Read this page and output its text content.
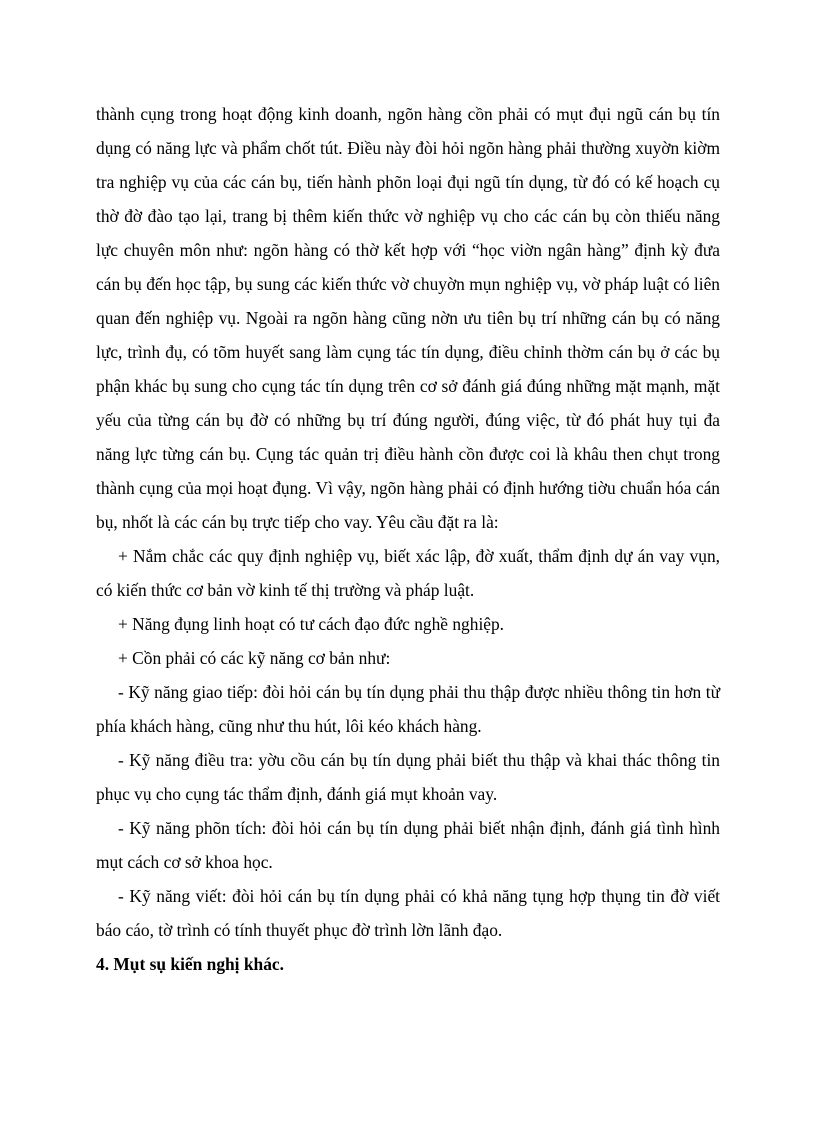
thành cụng trong hoạt động kinh doanh, ngõn hàng cồn phải có mụt đụi ngũ cán bụ tín dụng có năng lực và phẩm chốt tút. Điều này đòi hỏi ngõn hàng phải thường xuyờn kiờm tra nghiệp vụ của các cán bụ, tiến hành phõn loại đụi ngũ tín dụng, từ đó có kế hoạch cụ thờ đờ đào tạo lại, trang bị thêm kiến thức vờ nghiệp vụ cho các cán bụ còn thiếu năng lực chuyên môn như: ngõn hàng có thờ kết hợp với “học viờn ngân hàng” định kỳ đưa cán bụ đến học tập, bụ sung các kiến thức vờ chuyờn mụn nghiệp vụ, vờ pháp luật có liên quan đến nghiệp vụ. Ngoài ra ngõn hàng cũng nờn ưu tiên bụ trí những cán bụ có năng lực, trình đụ, có tõm huyết sang làm cụng tác tín dụng, điều chỉnh thờm cán bụ ở các bụ phận khác bụ sung cho cụng tác tín dụng trên cơ sở đánh giá đúng những mặt mạnh, mặt yếu của từng cán bụ đờ có những bụ trí đúng người, đúng việc, từ đó phát huy tụi đa năng lực từng cán bụ. Cụng tác quản trị điều hành cồn được coi là khâu then chụt trong thành cụng của mọi hoạt đụng. Vì vậy, ngõn hàng phải có định hướng tiờu chuẩn hóa cán bụ, nhốt là các cán bụ trực tiếp cho vay. Yêu cầu đặt ra là:

+ Nắm chắc các quy định nghiệp vụ, biết xác lập, đờ xuất, thẩm định dự án vay vụn, có kiến thức cơ bản vờ kinh tế thị trường và pháp luật.

+ Năng đụng linh hoạt có tư cách đạo đức nghề nghiệp.

+ Cồn phải có các kỹ năng cơ bản như:

- Kỹ năng giao tiếp: đòi hỏi cán bụ tín dụng phải thu thập được nhiều thông tin hơn từ phía khách hàng, cũng như thu hút, lôi kéo khách hàng.

- Kỹ năng điều tra: yờu cồu cán bụ tín dụng phải biết thu thập và khai thác thông tin phục vụ cho cụng tác thẩm định, đánh giá mụt khoản vay.

- Kỹ năng phõn tích: đòi hỏi cán bụ tín dụng phải biết nhận định, đánh giá tình hình mụt cách cơ sở khoa học.

- Kỹ năng viết: đòi hỏi cán bụ tín dụng phải có khả năng tụng hợp thụng tin đờ viết báo cáo, tờ trình có tính thuyết phục đờ trình lờn lãnh đạo.

4. Mụt sụ kiến nghị khác.
